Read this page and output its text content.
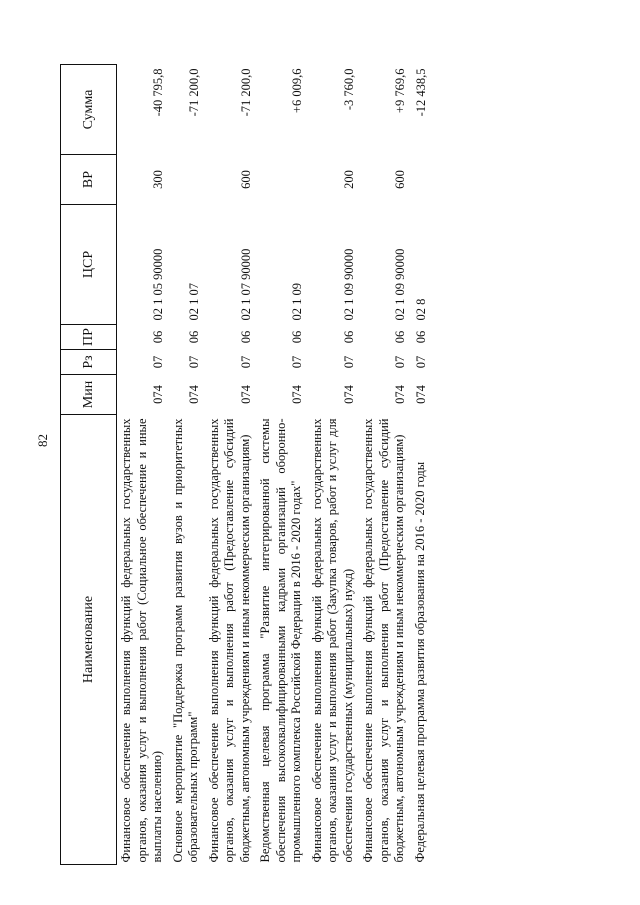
82
Наименование	Мин	Рз	ПР	ЦСР	ВР	Сумма
Финансовое обеспечение выполнения функций федеральных государственных органов, оказания услуг и выполнения работ (Социальное обеспечение и иные выплаты населению)	074	07	06	02 1 05 90000	300	-40 795,8
Основное мероприятие "Поддержка программ развития вузов и приоритетных образовательных программ"	074	07	06	02 1 07		-71 200,0
Финансовое обеспечение выполнения функций федеральных государственных органов, оказания услуг и выполнения работ (Предоставление субсидий бюджетным, автономным учреждениям и иным некоммерческим организациям)	074	07	06	02 1 07 90000	600	-71 200,0
Ведомственная целевая программа "Развитие интегрированной системы обеспечения высококвалифицированными кадрами организаций оборонно-промышленного комплекса Российской Федерации в 2016 - 2020 годах"	074	07	06	02 1 09		+6 009,6
Финансовое обеспечение выполнения функций федеральных государственных органов, оказания услуг и выполнения работ (Закупка товаров, работ и услуг для обеспечения государственных (муниципальных) нужд)	074	07	06	02 1 09 90000	200	-3 760,0
Финансовое обеспечение выполнения функций федеральных государственных органов, оказания услуг и выполнения работ (Предоставление субсидий бюджетным, автономным учреждениям и иным некоммерческим организациям)	074	07	06	02 1 09 90000	600	+9 769,6
Федеральная целевая программа развития образования на 2016 - 2020 годы	074	07	06	02 8		-12 438,5
